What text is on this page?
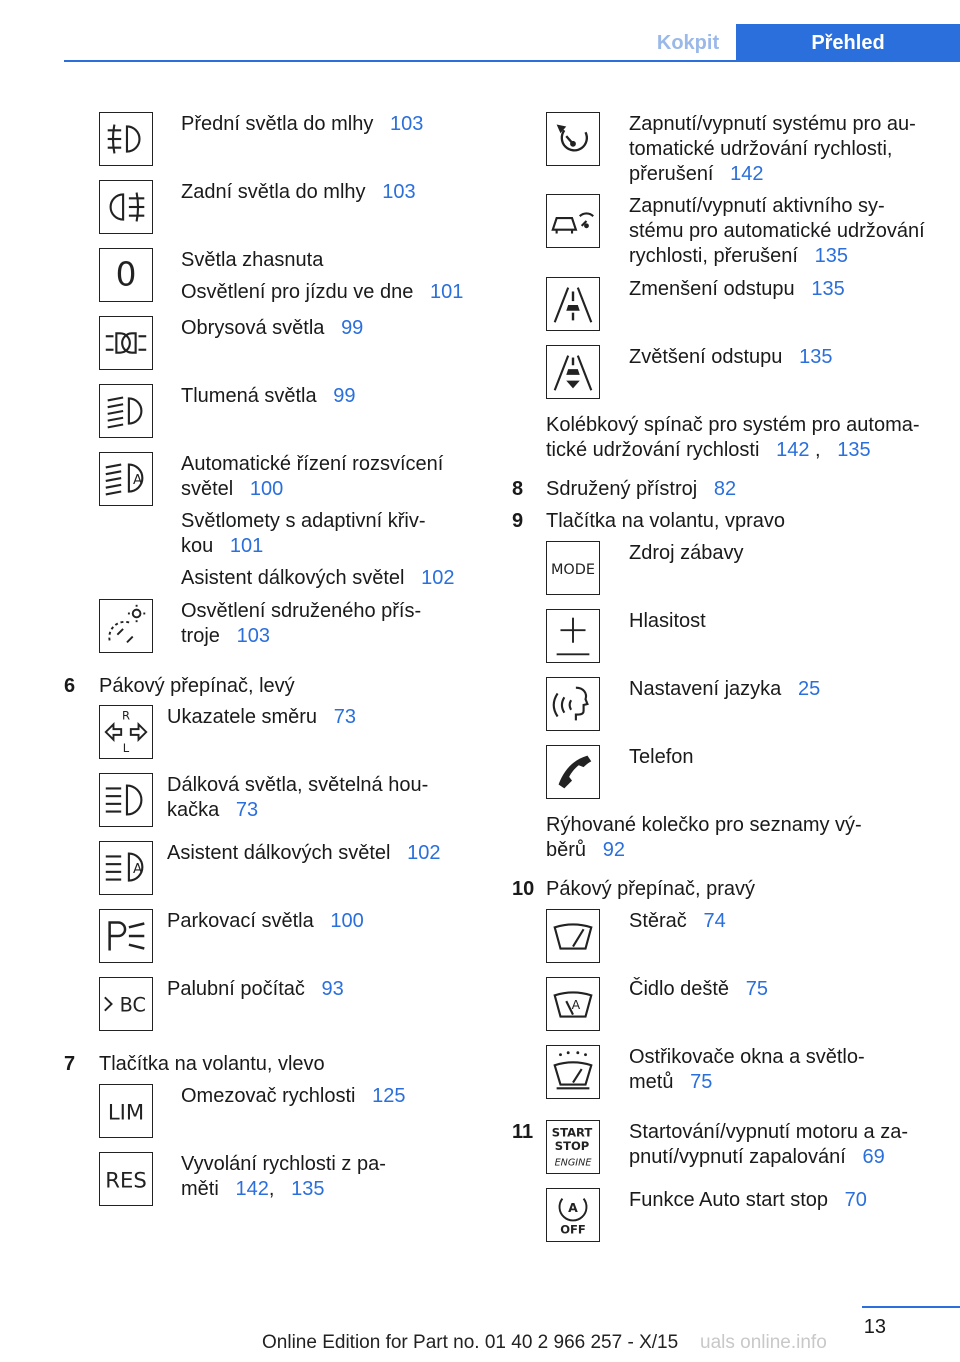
Kokpit	Přehled
Přední světla do mlhy 103
Zadní světla do mlhy 103
0 Světla zhasnuta
Osvětlení pro jízdu ve dne 101
Obrysová světla 99
Tlumená světla 99
A
Automatické řízení rozsvícení
světel 100
Světlomety s adaptivní křiv-
kou 101
Asistent dálkových světel 102
Osvětlení sdruženého přís-
troje 103
6 Pákový přepínač, levý
R
L
Ukazatele směru 73
Dálková světla, světelná hou-
kačka 73
A
Asistent dálkových světel 102
Parkovací světla 100
BC
Palubní počítač 93
7 Tlačítka na volantu, vlevo
LIM
Omezovač rychlosti 125
RES
Vyvolání rychlosti z pa-
měti 142, 135
Zapnutí/vypnutí systému pro au-
tomatické udržování rychlosti,
přerušení 142
Zapnutí/vypnutí aktivního sy-
stému pro automatické udržování
rychlosti, přerušení 135
Zmenšení odstupu 135
Zvětšení odstupu 135
Kolébkový spínač pro systém pro automa-
tické udržování rychlosti 142 , 135
8 Sdružený přístroj 82
9 Tlačítka na volantu, vpravo
MODE
Zdroj zábavy
Hlasitost
Nastavení jazyka 25
Telefon
Rýhované kolečko pro seznamy vý-
běrů 92
10 Pákový přepínač, pravý
Stěrač 74
A
Čidlo deště 75
Ostřikovače okna a světlo-
metů 75
11 START
STOP
ENGINE
Startování/vypnutí motoru a za-
pnutí/vypnutí zapalování 69
A
OFF
Funkce Auto start stop 70
13
Online Edition for Part no. 01 40 2 966 257 - X/15 uals online.info
